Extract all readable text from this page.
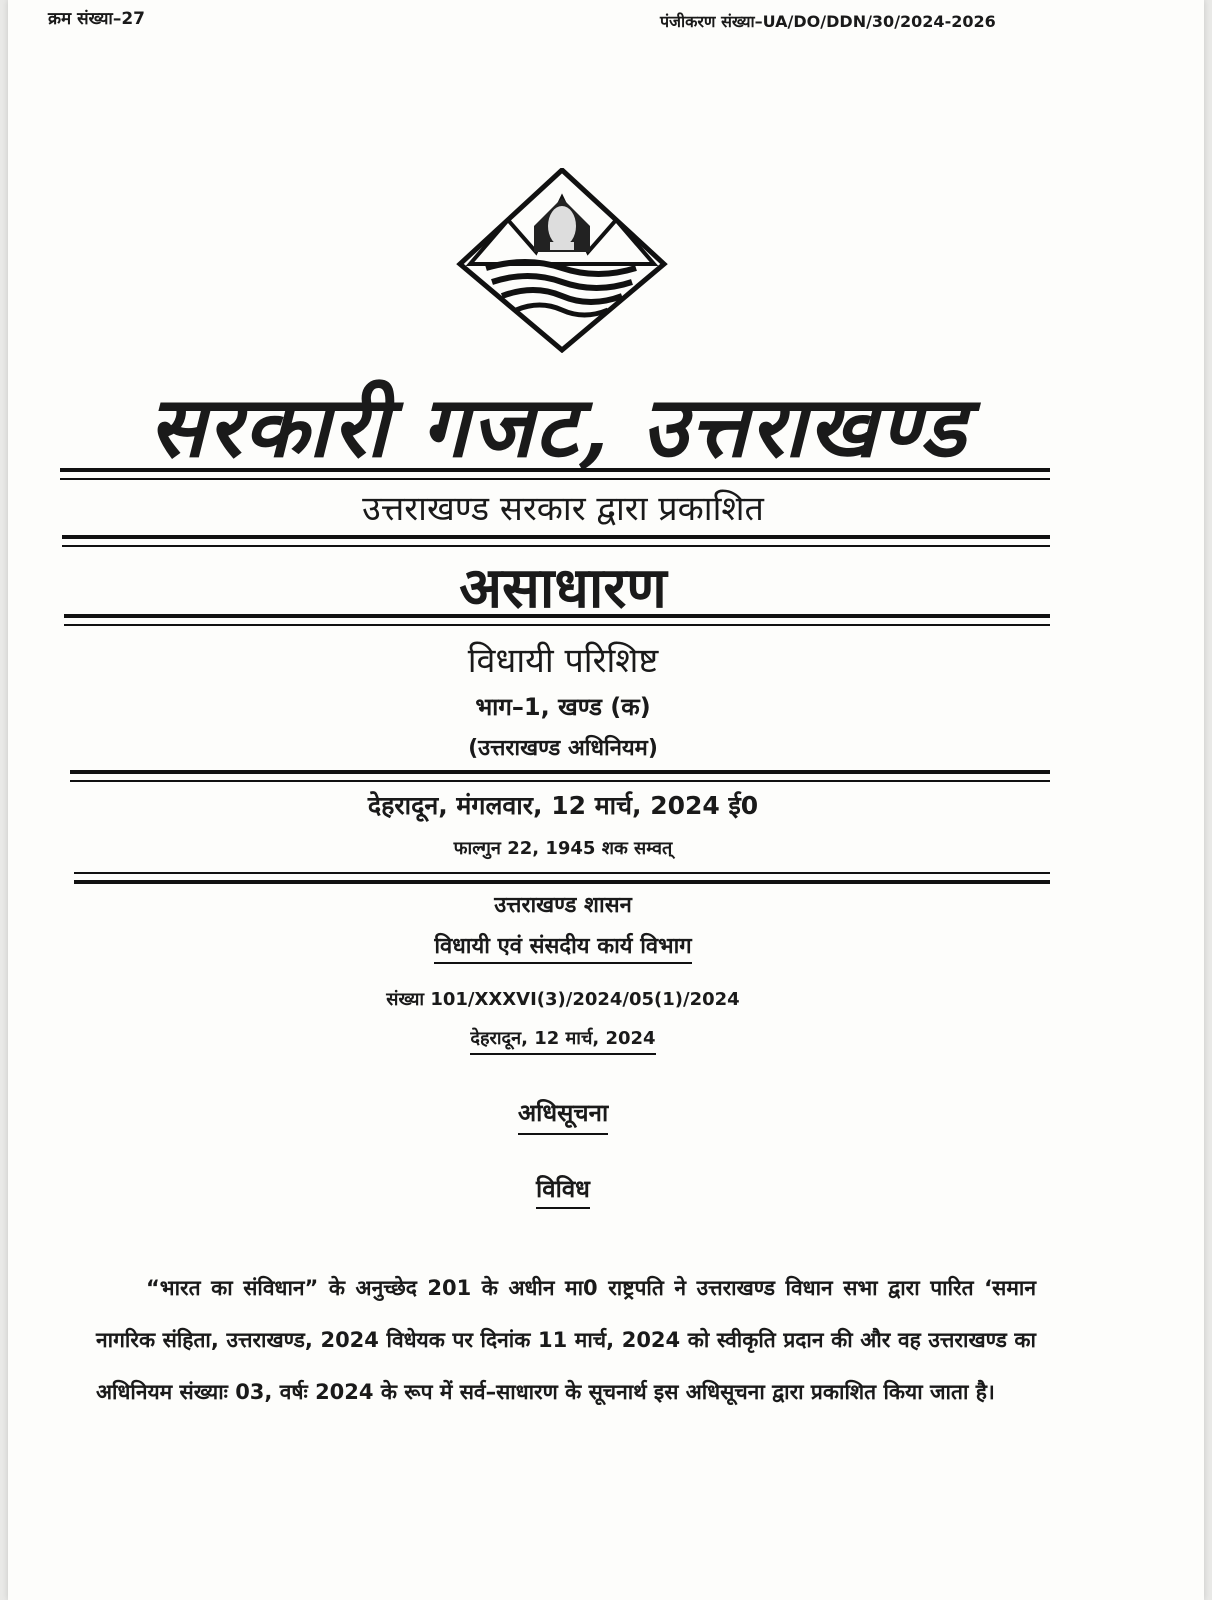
क्रम संख्या–27	पंजीकरण संख्या–UA/DO/DDN/30/2024-2026
सरकारी गजट, उत्तराखण्ड
उत्तराखण्ड सरकार द्वारा प्रकाशित
असाधारण
विधायी परिशिष्ट
भाग–1, खण्ड (क)
(उत्तराखण्ड अधिनियम)
देहरादून, मंगलवार, 12 मार्च, 2024 ई0
फाल्गुन 22, 1945 शक सम्वत्
उत्तराखण्ड शासन
विधायी एवं संसदीय कार्य विभाग
संख्या 101/XXXVI(3)/2024/05(1)/2024
देहरादून, 12 मार्च, 2024
अधिसूचना
विविध
“भारत का संविधान” के अनुच्छेद 201 के अधीन मा0 राष्ट्रपति ने उत्तराखण्ड विधान सभा द्वारा पारित ‘समान नागरिक संहिता, उत्तराखण्ड, 2024 विधेयक पर दिनांक 11 मार्च, 2024 को स्वीकृति प्रदान की और वह उत्तराखण्ड का अधिनियम संख्याः 03, वर्षः 2024 के रूप में सर्व–साधारण के सूचनार्थ इस अधिसूचना द्वारा प्रकाशित किया जाता है।
